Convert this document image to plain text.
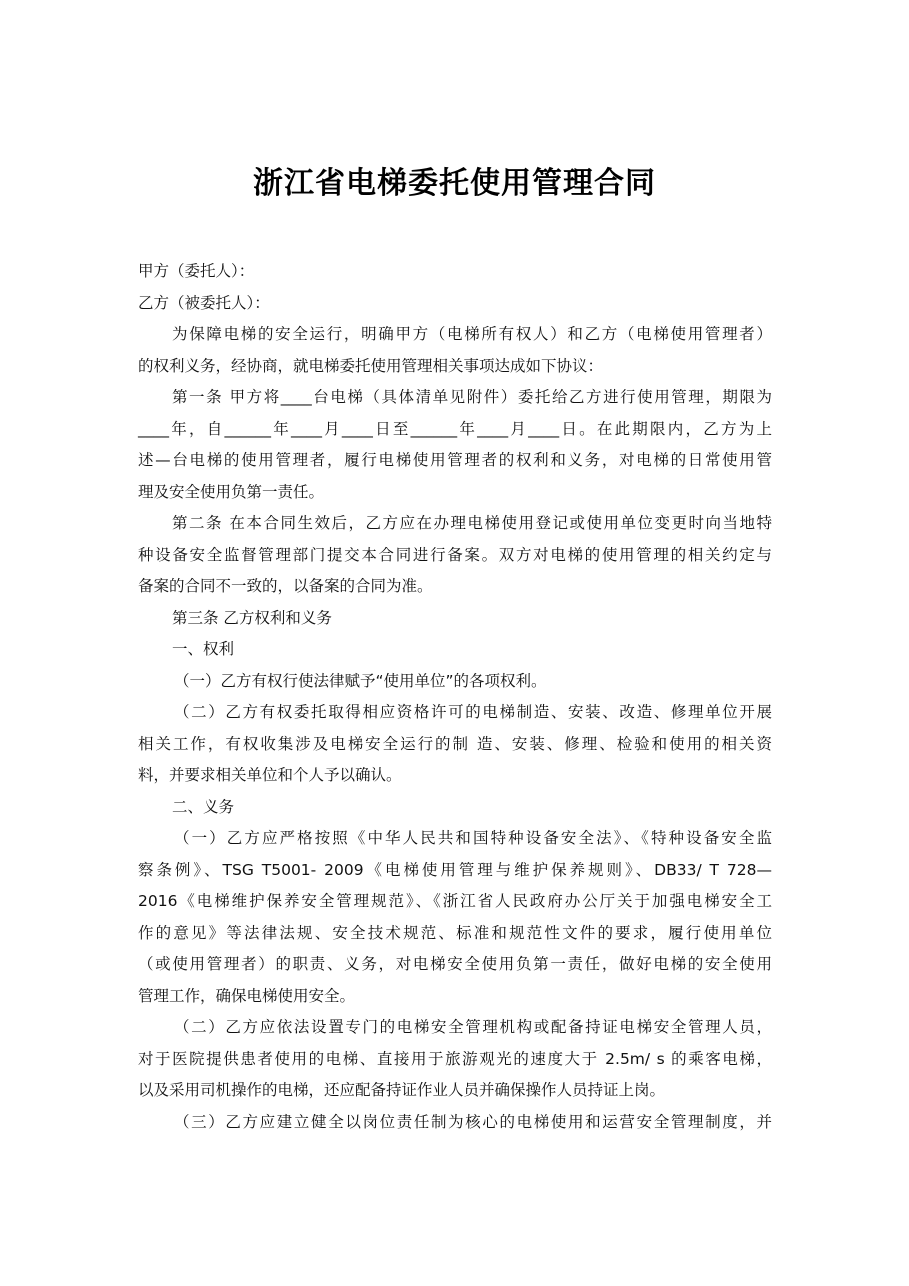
浙江省电梯委托使用管理合同
甲方（委托人）：
乙方（被委托人）：
为保障电梯的安全运行，明确甲方（电梯所有权人）和乙方（电梯使用管理者）
的权利义务，经协商，就电梯委托使用管理相关事项达成如下协议：
第一条 甲方将____台电梯（具体清单见附件）委托给乙方进行使用管理，期限为
____年，自______年____月____日至______年____月____日。在此期限内，乙方为上
述—台电梯的使用管理者，履行电梯使用管理者的权利和义务，对电梯的日常使用管
理及安全使用负第一责任。
第二条 在本合同生效后，乙方应在办理电梯使用登记或使用单位变更时向当地特
种设备安全监督管理部门提交本合同进行备案。双方对电梯的使用管理的相关约定与
备案的合同不一致的，以备案的合同为准。
第三条 乙方权利和义务
一、权利
（一）乙方有权行使法律赋予“使用单位”的各项权利。
（二）乙方有权委托取得相应资格许可的电梯制造、安装、改造、修理单位开展
相关工作，有权收集涉及电梯安全运行的制 造、安装、修理、检验和使用的相关资
料，并要求相关单位和个人予以确认。
二、义务
（一）乙方应严格按照《中华人民共和国特种设备安全法》、《特种设备安全监
察条例》、TSG T5001- 2009《电梯使用管理与维护保养规则》、DB33/ T 728—
2016《电梯维护保养安全管理规范》、《浙江省人民政府办公厅关于加强电梯安全工
作的意见》等法律法规、安全技术规范、标准和规范性文件的要求，履行使用单位
（或使用管理者）的职责、义务，对电梯安全使用负第一责任，做好电梯的安全使用
管理工作，确保电梯使用安全。
（二）乙方应依法设置专门的电梯安全管理机构或配备持证电梯安全管理人员，
对于医院提供患者使用的电梯、直接用于旅游观光的速度大于 2.5m/ s 的乘客电梯，
以及采用司机操作的电梯，还应配备持证作业人员并确保操作人员持证上岗。
（三）乙方应建立健全以岗位责任制为核心的电梯使用和运营安全管理制度，并
